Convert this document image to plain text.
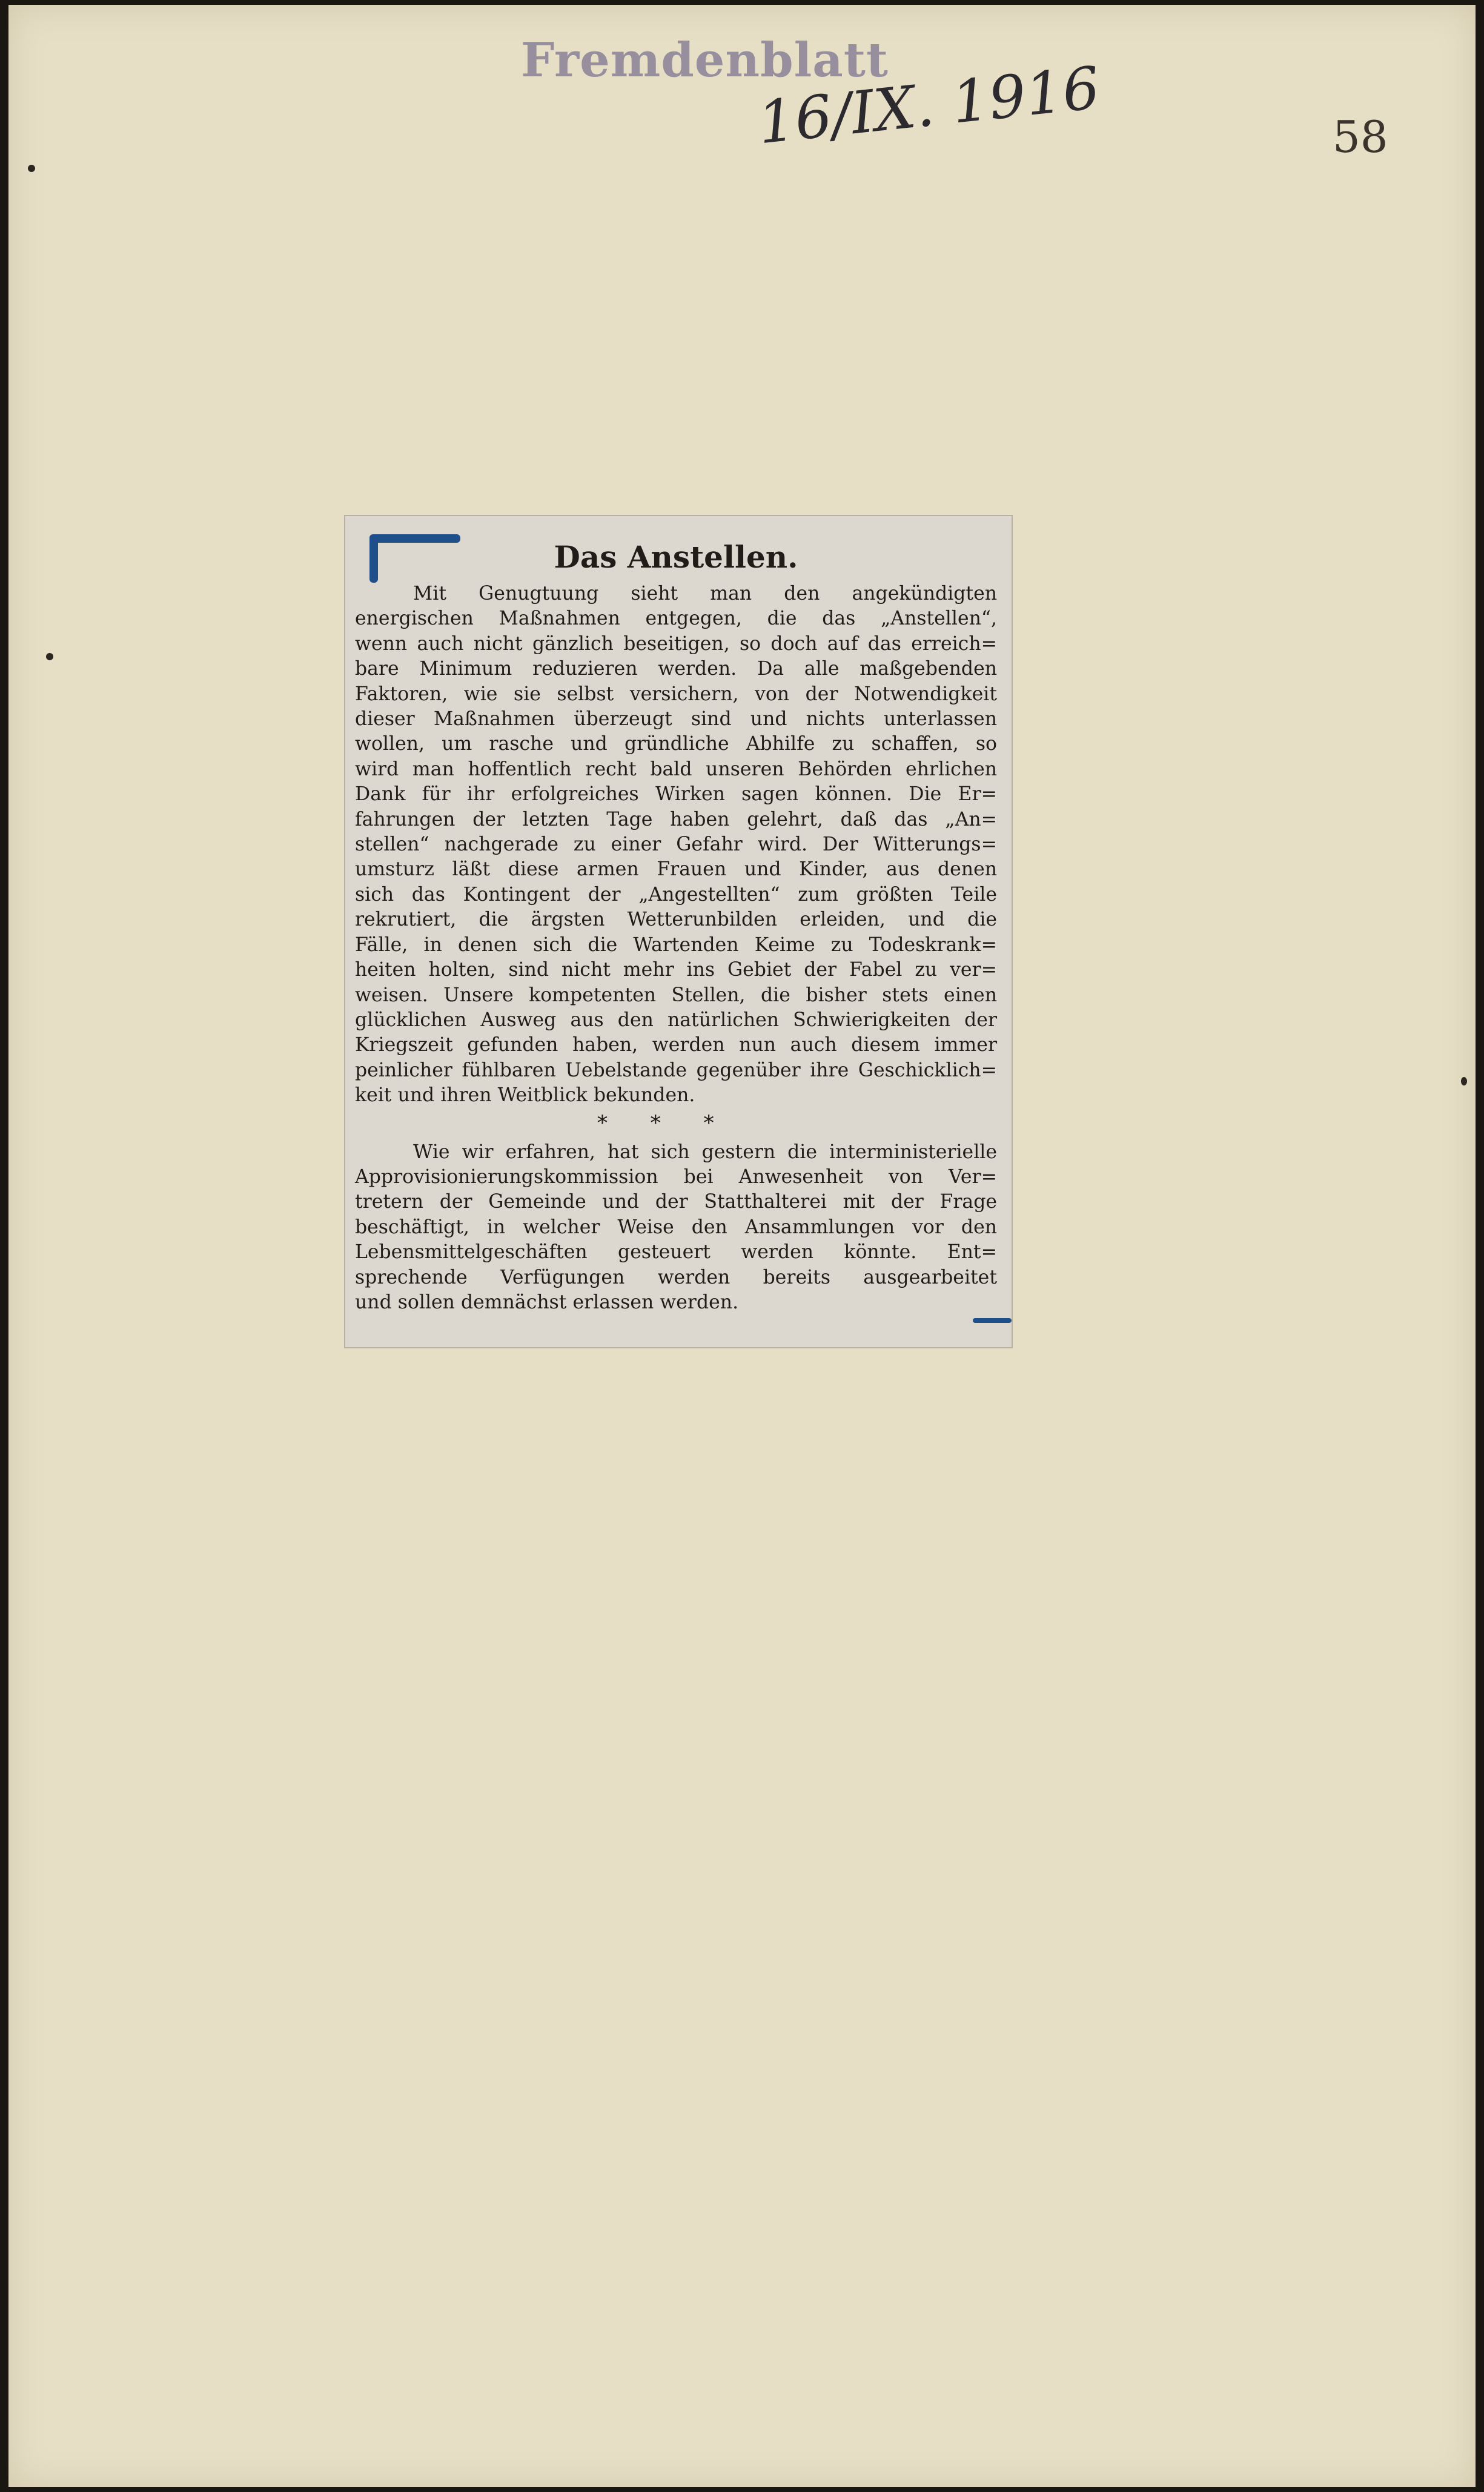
Fremdenblatt
16/IX. 1916	58
Das Anstellen.

Mit Genugtuung sieht man den angekündigten
energischen Maßnahmen entgegen, die das „Anstellen“,
wenn auch nicht gänzlich beseitigen, so doch auf das erreich=
bare Minimum reduzieren werden. Da alle maßgebenden
Faktoren, wie sie selbst versichern, von der Notwendigkeit
dieser Maßnahmen überzeugt sind und nichts unterlassen
wollen, um rasche und gründliche Abhilfe zu schaffen, so
wird man hoffentlich recht bald unseren Behörden ehrlichen
Dank für ihr erfolgreiches Wirken sagen können. Die Er=
fahrungen der letzten Tage haben gelehrt, daß das „An=
stellen“ nachgerade zu einer Gefahr wird. Der Witterungs=
umsturz läßt diese armen Frauen und Kinder, aus denen
sich das Kontingent der „Angestellten“ zum größten Teile
rekrutiert, die ärgsten Wetterunbilden erleiden, und die
Fälle, in denen sich die Wartenden Keime zu Todeskrank=
heiten holten, sind nicht mehr ins Gebiet der Fabel zu ver=
weisen. Unsere kompetenten Stellen, die bisher stets einen
glücklichen Ausweg aus den natürlichen Schwierigkeiten der
Kriegszeit gefunden haben, werden nun auch diesem immer
peinlicher fühlbaren Uebelstande gegenüber ihre Geschicklich=
keit und ihren Weitblick bekunden.

* * *

Wie wir erfahren, hat sich gestern die interministerielle
Approvisionierungskommission bei Anwesenheit von Ver=
tretern der Gemeinde und der Statthalterei mit der Frage
beschäftigt, in welcher Weise den Ansammlungen vor den
Lebensmittelgeschäften gesteuert werden könnte. Ent=
sprechende Verfügungen werden bereits ausgearbeitet
und sollen demnächst erlassen werden.
